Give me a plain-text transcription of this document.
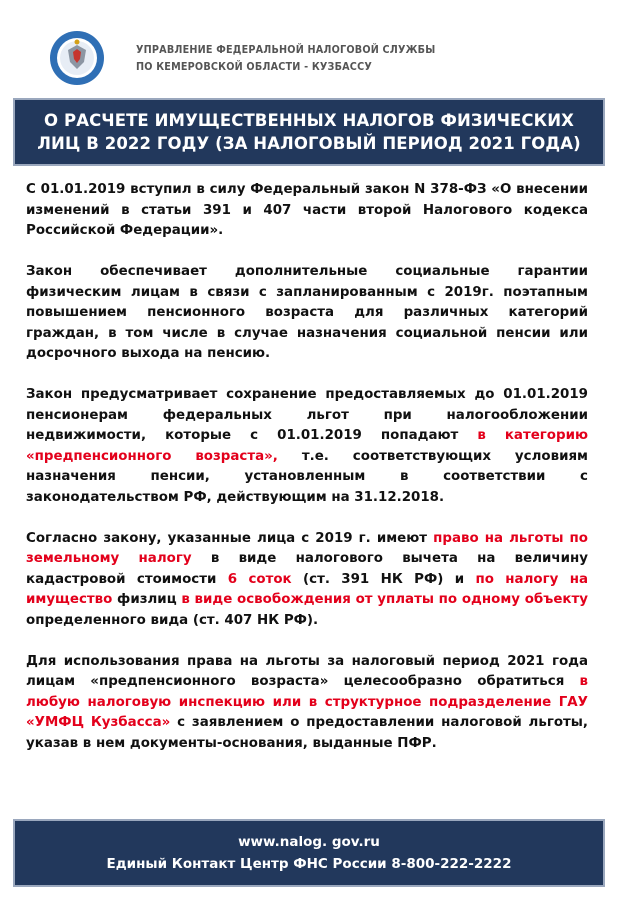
УПРАВЛЕНИЕ ФЕДЕРАЛЬНОЙ НАЛОГОВОЙ СЛУЖБЫ
ПО КЕМЕРОВСКОЙ ОБЛАСТИ - КУЗБАССУ
О РАСЧЕТЕ ИМУЩЕСТВЕННЫХ НАЛОГОВ ФИЗИЧЕСКИХ
ЛИЦ В 2022 ГОДУ (ЗА НАЛОГОВЫЙ ПЕРИОД 2021 ГОДА)

С 01.01.2019 вступил в силу Федеральный закон N 378-ФЗ «О внесении изменений в статьи 391 и 407 части второй Налогового кодекса Российской Федерации».

Закон обеспечивает дополнительные социальные гарантии физическим лицам в связи с запланированным с 2019г. поэтапным повышением пенсионного возраста для различных категорий граждан, в том числе в случае назначения социальной пенсии или досрочного выхода на пенсию.

Закон предусматривает сохранение предоставляемых до 01.01.2019 пенсионерам федеральных льгот при налогообложении недвижимости, которые с 01.01.2019 попадают в категорию «предпенсионного возраста», т.е. соответствующих условиям назначения пенсии, установленным в соответствии с законодательством РФ, действующим на 31.12.2018.

Согласно закону, указанные лица с 2019 г. имеют право на льготы по земельному налогу в виде налогового вычета на величину кадастровой стоимости 6 соток (ст. 391 НК РФ) и по налогу на имущество физлиц в виде освобождения от уплаты по одному объекту определенного вида (ст. 407 НК РФ).

Для использования права на льготы за налоговый период 2021 года лицам «предпенсионного возраста» целесообразно обратиться в любую налоговую инспекцию или в структурное подразделение ГАУ «УМФЦ Кузбасса» с заявлением о предоставлении налоговой льготы, указав в нем документы-основания, выданные ПФР.

www.nalog. gov.ru
Единый Контакт Центр ФНС России 8-800-222-2222
